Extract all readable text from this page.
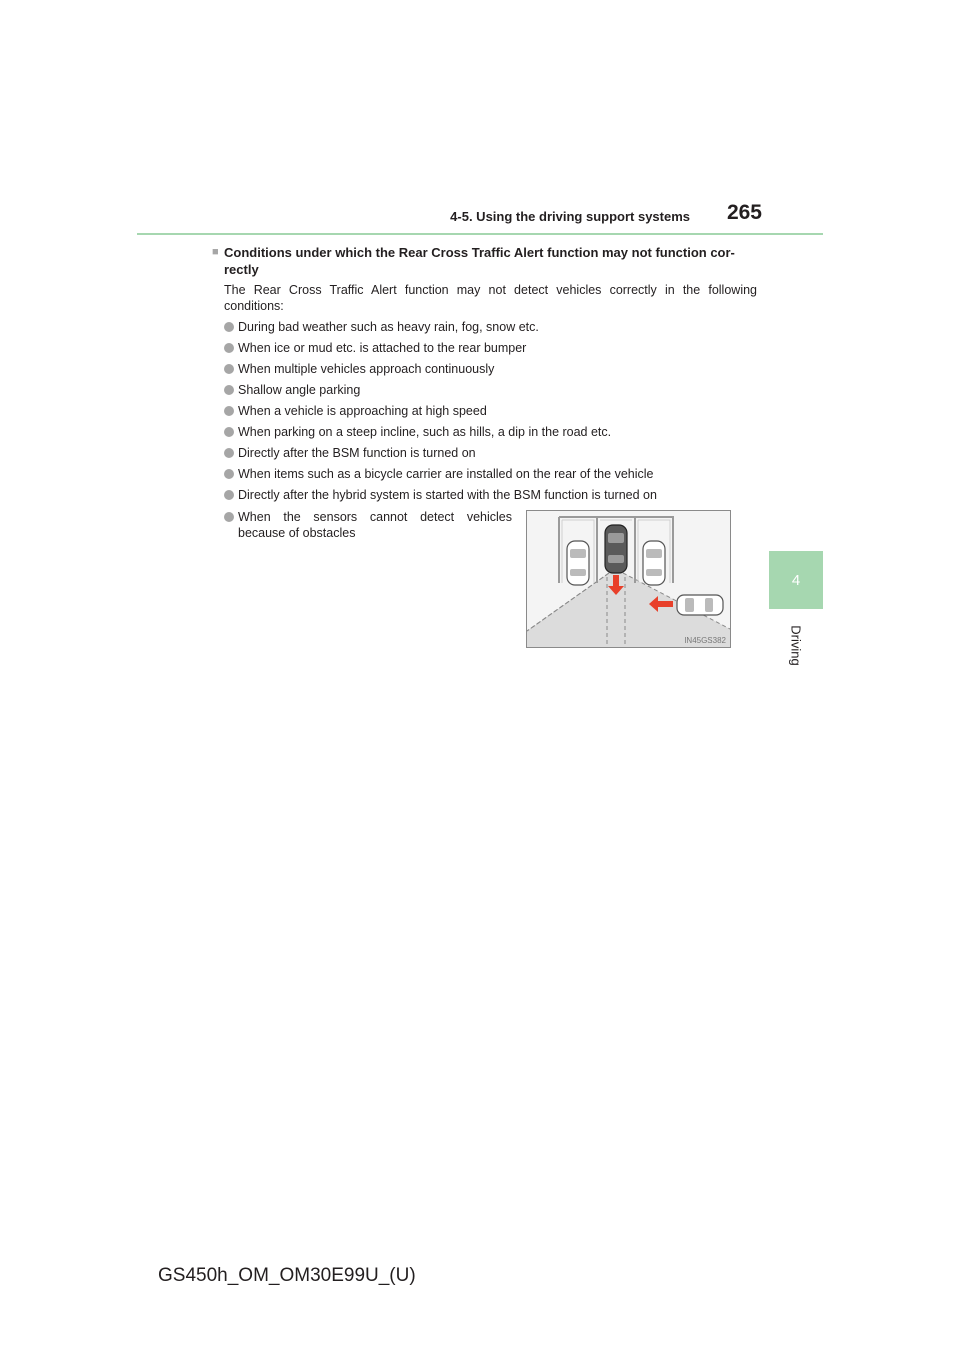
4-5. Using the driving support systems	265
4
Driving
■ Conditions under which the Rear Cross Traffic Alert function may not function cor-rectly
The Rear Cross Traffic Alert function may not detect vehicles correctly in the following conditions:
During bad weather such as heavy rain, fog, snow etc.
When ice or mud etc. is attached to the rear bumper
When multiple vehicles approach continuously
Shallow angle parking
When a vehicle is approaching at high speed
When parking on a steep incline, such as hills, a dip in the road etc.
Directly after the BSM function is turned on
When items such as a bicycle carrier are installed on the rear of the vehicle
Directly after the hybrid system is started with the BSM function is turned on
When the sensors cannot detect vehicles because of obstacles
IN45GS382
GS450h_OM_OM30E99U_(U)
